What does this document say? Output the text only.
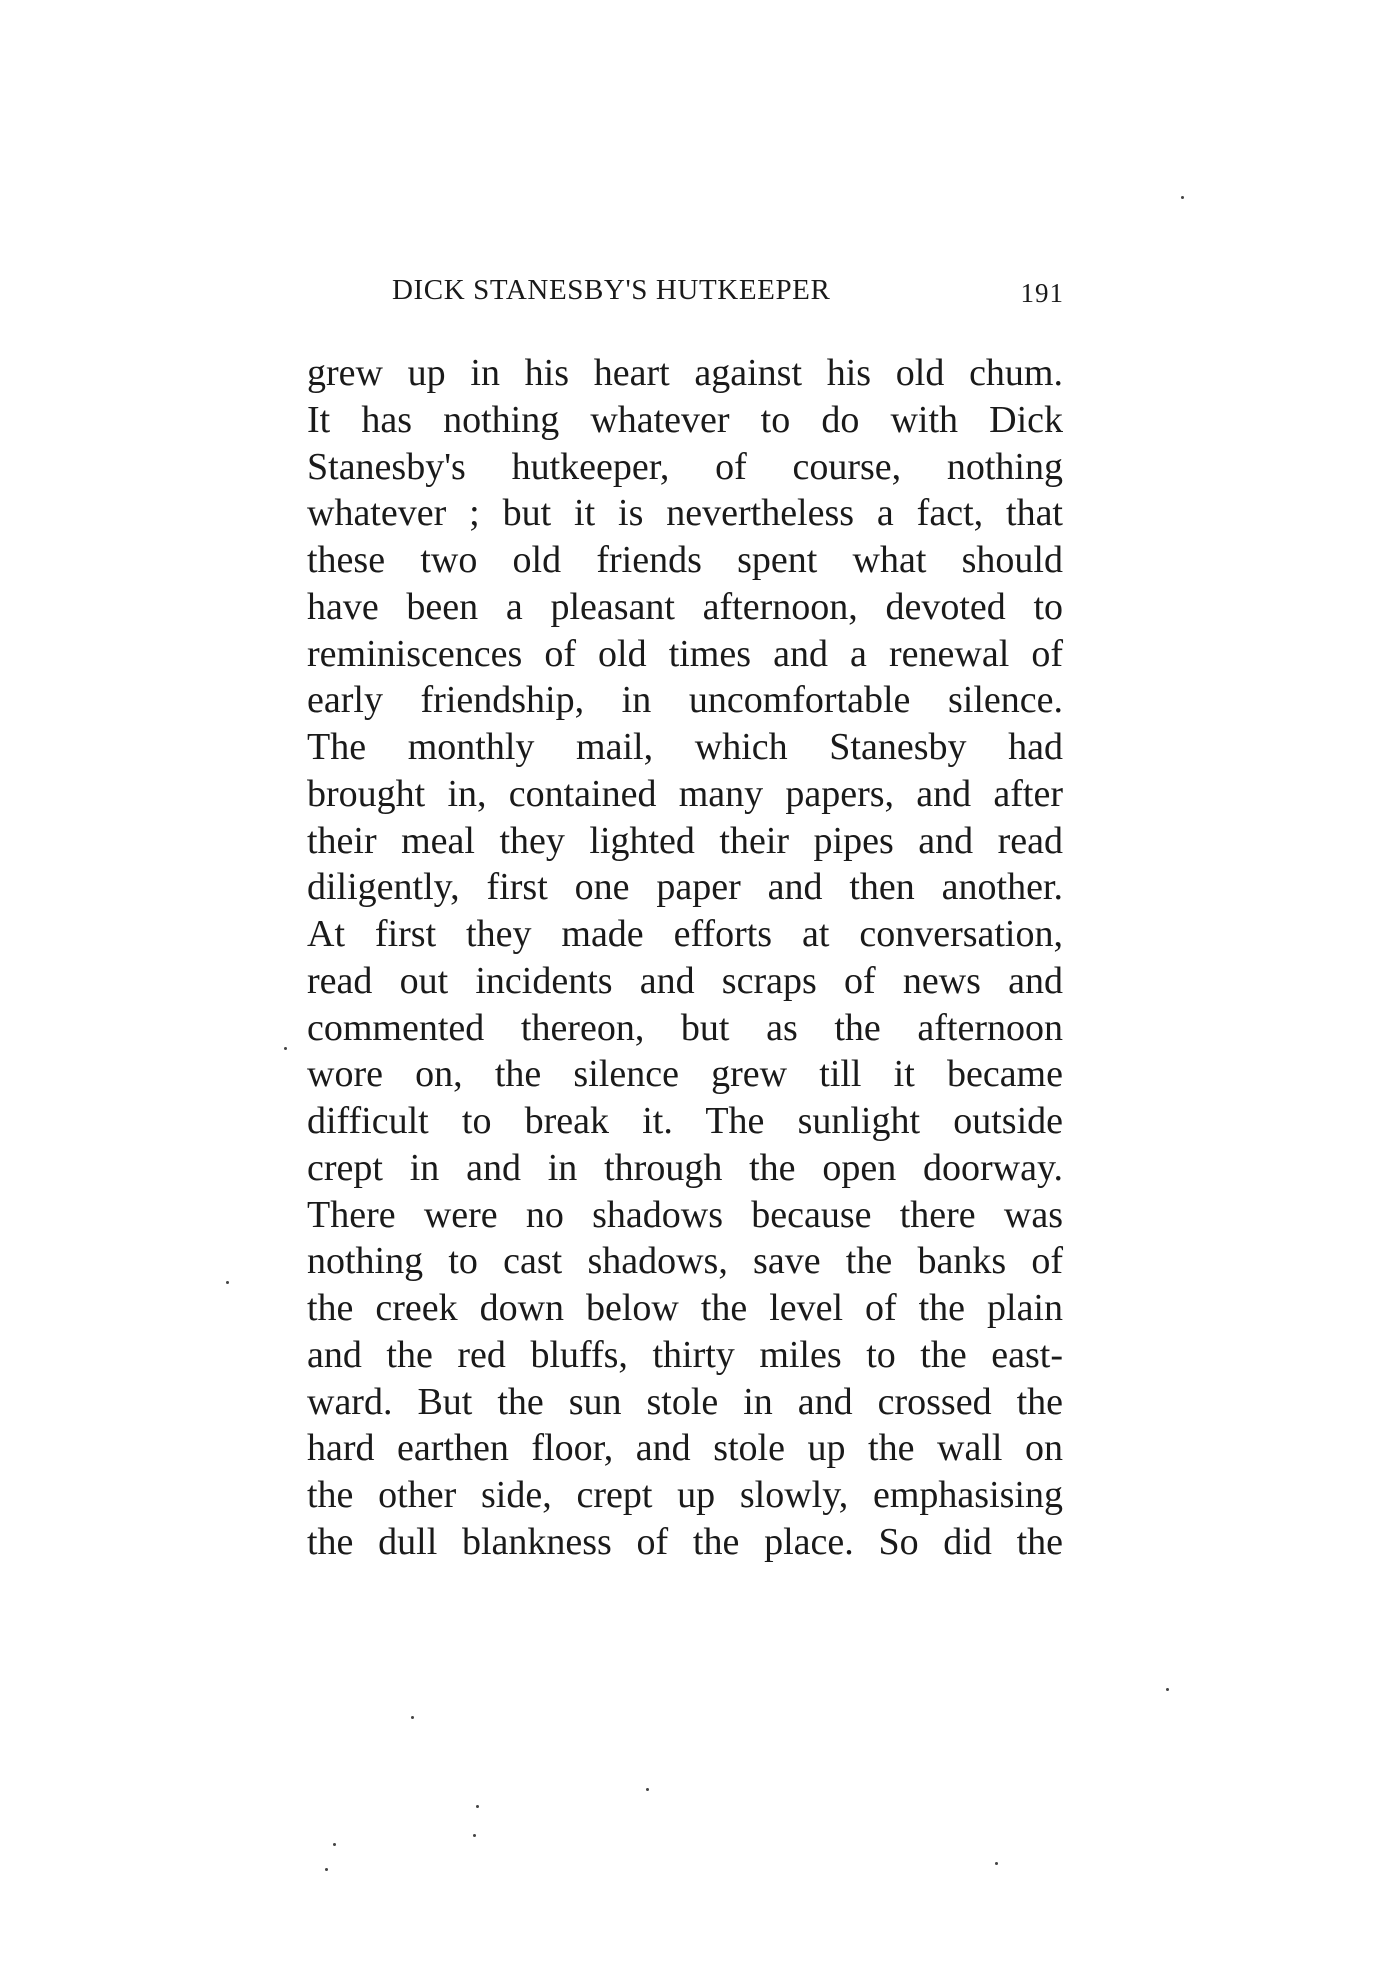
DICK STANESBY'S HUTKEEPER	191
grew up in his heart against his old chum.
It has nothing whatever to do with Dick
Stanesby's hutkeeper, of course, nothing
whatever ; but it is nevertheless a fact, that
these two old friends spent what should
have been a pleasant afternoon, devoted to
reminiscences of old times and a renewal of
early friendship, in uncomfortable silence.
The monthly mail, which Stanesby had
brought in, contained many papers, and after
their meal they lighted their pipes and read
diligently, first one paper and then another.
At first they made efforts at conversation,
read out incidents and scraps of news and
commented thereon, but as the afternoon
wore on, the silence grew till it became
difficult to break it. The sunlight outside
crept in and in through the open doorway.
There were no shadows because there was
nothing to cast shadows, save the banks of
the creek down below the level of the plain
and the red bluffs, thirty miles to the east-
ward. But the sun stole in and crossed the
hard earthen floor, and stole up the wall on
the other side, crept up slowly, emphasising
the dull blankness of the place. So did the
